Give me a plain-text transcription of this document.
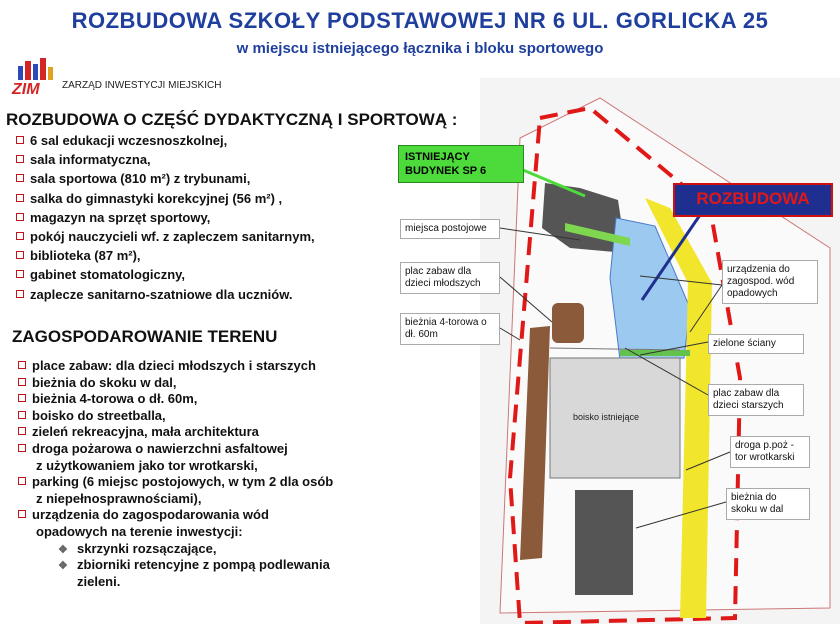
ROZBUDOWA SZKOŁY PODSTAWOWEJ NR 6 UL. GORLICKA 25
w miejscu istniejącego łącznika i bloku sportowego
ZIM ZARZĄD INWESTYCJI MIEJSKICH
ROZBUDOWA O CZĘŚĆ DYDAKTYCZNĄ I SPORTOWĄ :
6 sal edukacji wczesnoszkolnej,
sala informatyczna,
sala sportowa (810 m²) z trybunami,
salka do gimnastyki korekcyjnej (56 m²) ,
magazyn na sprzęt sportowy,
pokój nauczycieli wf. z zapleczem sanitarnym,
biblioteka (87 m²),
gabinet stomatologiczny,
zaplecze sanitarno-szatniowe dla uczniów.
ZAGOSPODAROWANIE TERENU
place zabaw: dla dzieci młodszych i starszych
bieżnia do skoku w dal,
bieżnia 4-torowa o dł. 60m,
boisko do streetballa,
zieleń rekreacyjna, mała architektura
droga pożarowa o nawierzchni asfaltowej
z użytkowaniem jako tor wrotkarski,
parking (6 miejsc postojowych, w tym 2 dla osób
z niepełnosprawnościami),
urządzenia do zagospodarowania wód
opadowych na terenie inwestycji:
❖ skrzynki rozsączające,
❖ zbiorniki retencyjne z pompą podlewania
zieleni.
boisko istniejące
ISTNIEJĄCY BUDYNEK SP 6
ROZBUDOWA
miejsca postojowe
plac zabaw dla dzieci młodszych
bieżnia 4-torowa o dł. 60m
urządzenia do zagospod. wód opadowych
zielone ściany
plac zabaw dla dzieci starszych
droga p.poż -tor wrotkarski
bieżnia do skoku w dal
